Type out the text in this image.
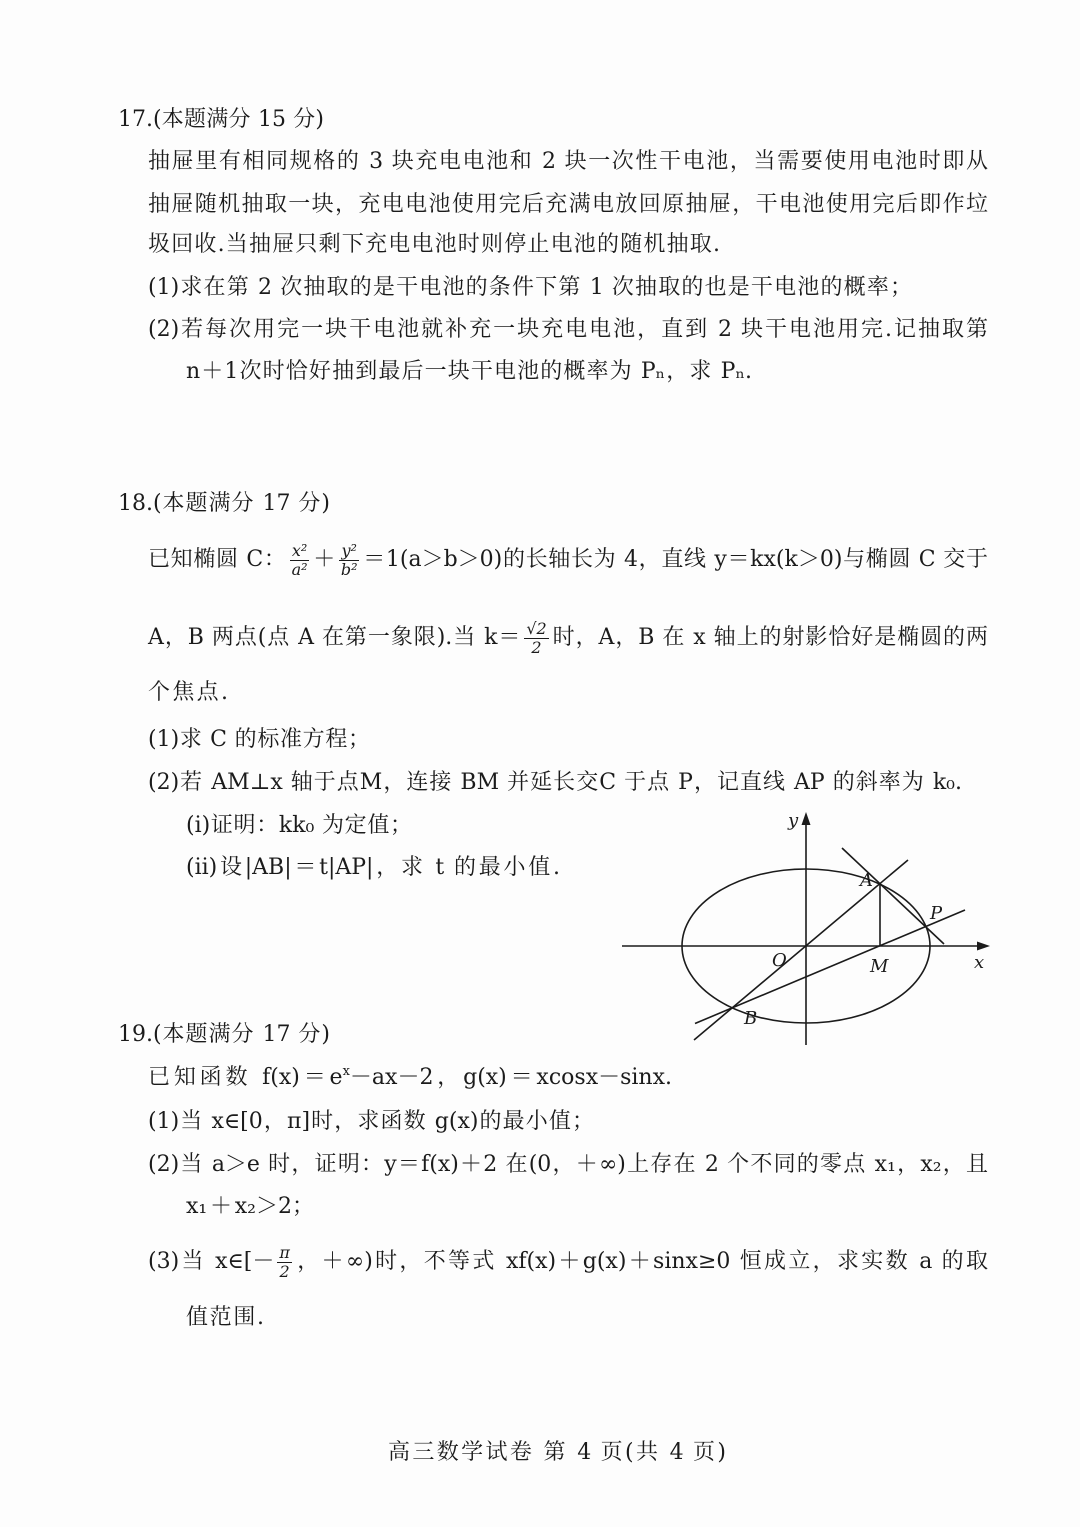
17.(本题满分 15 分)
抽屉里有相同规格的 3 块充电电池和 2 块一次性干电池，当需要使用电池时即从
抽屉随机抽取一块，充电电池使用完后充满电放回原抽屉，干电池使用完后即作垃
圾回收.当抽屉只剩下充电电池时则停止电池的随机抽取.
(1)求在第 2 次抽取的是干电池的条件下第 1 次抽取的也是干电池的概率；
(2)若每次用完一块干电池就补充一块充电电池，直到 2 块干电池用完.记抽取第
n＋1次时恰好抽到最后一块干电池的概率为 Pₙ，求 Pₙ.
18.(本题满分 17 分)
已知椭圆 C： $\frac{\text{x²}}{\text{a²}} + \frac{\text{y²}}{\text{b²}} =1(a>b>0)$的长轴长为 4，直线 y＝kx(k＞0)与椭圆 C 交于
A，B 两点(点 A 在第一象限).当 $k= \frac{√2}{2}$ 时，A，B 在 x 轴上的射影恰好是椭圆的两
个焦点.
(1)求 C 的标准方程；
(2)若 AM⊥x 轴于点M，连接 BM 并延长交C 于点 P，记直线 AP 的斜率为 k₀.
(i)证明：kk₀ 为定值；
(ii)设|AB|＝t|AP|，求 t 的最小值.
y
x
A
P
O	M
B
19.(本题满分 17 分)
已知函数 $f(x)=e^x-ax-2$，g(x)＝xcosx－sinx.
(1)当 x∈[0，π]时，求函数 g(x)的最小值；
(2)当 a＞e 时，证明：y＝f(x)＋2 在(0，＋∞)上存在 2 个不同的零点 x₁，x₂，且
x₁＋x₂＞2；
(3)当 x∈[－ $\frac{\pi}{2}$ ，＋∞)时，不等式 xf(x)＋g(x)＋sinx≥0 恒成立，求实数 a 的取
值范围.
高三数学试卷 第 4 页(共 4 页)
